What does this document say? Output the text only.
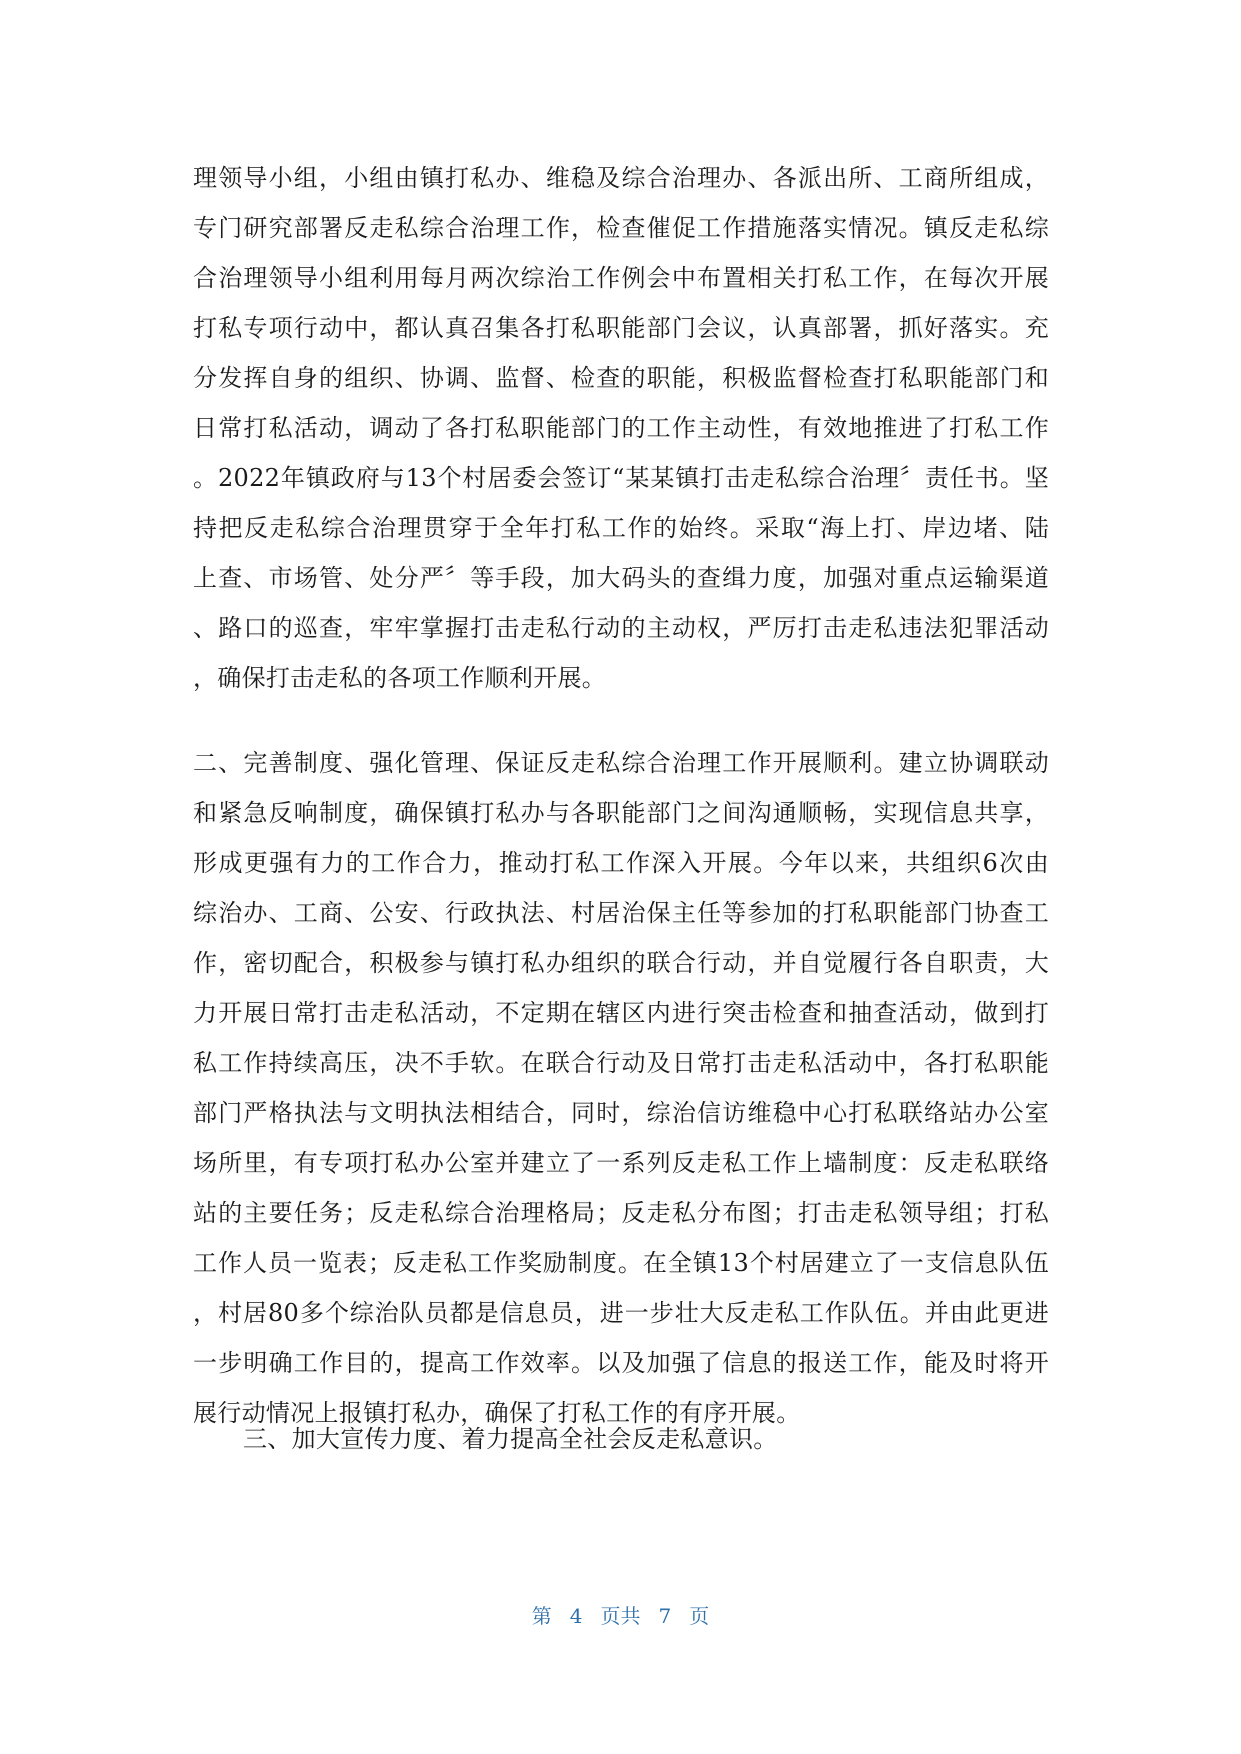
理领导小组，小组由镇打私办、维稳及综合治理办、各派出所、工商所组成，
专门研究部署反走私综合治理工作，检查催促工作措施落实情况。镇反走私综
合治理领导小组利用每月两次综治工作例会中布置相关打私工作，在每次开展
打私专项行动中，都认真召集各打私职能部门会议，认真部署，抓好落实。充
分发挥自身的组织、协调、监督、检查的职能，积极监督检查打私职能部门和
日常打私活动，调动了各打私职能部门的工作主动性，有效地推进了打私工作
。2022年镇政府与13个村居委会签订“某某镇打击走私综合治理〞责任书。坚
持把反走私综合治理贯穿于全年打私工作的始终。采取“海上打、岸边堵、陆
上查、市场管、处分严〞等手段，加大码头的查缉力度，加强对重点运输渠道
、路口的巡查，牢牢掌握打击走私行动的主动权，严厉打击走私违法犯罪活动
，确保打击走私的各项工作顺利开展。
二、完善制度、强化管理、保证反走私综合治理工作开展顺利。建立协调联动
和紧急反响制度，确保镇打私办与各职能部门之间沟通顺畅，实现信息共享，
形成更强有力的工作合力，推动打私工作深入开展。今年以来，共组织6次由
综治办、工商、公安、行政执法、村居治保主任等参加的打私职能部门协查工
作，密切配合，积极参与镇打私办组织的联合行动，并自觉履行各自职责，大
力开展日常打击走私活动，不定期在辖区内进行突击检查和抽查活动，做到打
私工作持续高压，决不手软。在联合行动及日常打击走私活动中，各打私职能
部门严格执法与文明执法相结合，同时，综治信访维稳中心打私联络站办公室
场所里，有专项打私办公室并建立了一系列反走私工作上墙制度：反走私联络
站的主要任务；反走私综合治理格局；反走私分布图；打击走私领导组；打私
工作人员一览表；反走私工作奖励制度。在全镇13个村居建立了一支信息队伍
，村居80多个综治队员都是信息员，进一步壮大反走私工作队伍。并由此更进
一步明确工作目的，提高工作效率。以及加强了信息的报送工作，能及时将开
展行动情况上报镇打私办，确保了打私工作的有序开展。
三、加大宣传力度、着力提高全社会反走私意识。
第 4 页共 7 页
